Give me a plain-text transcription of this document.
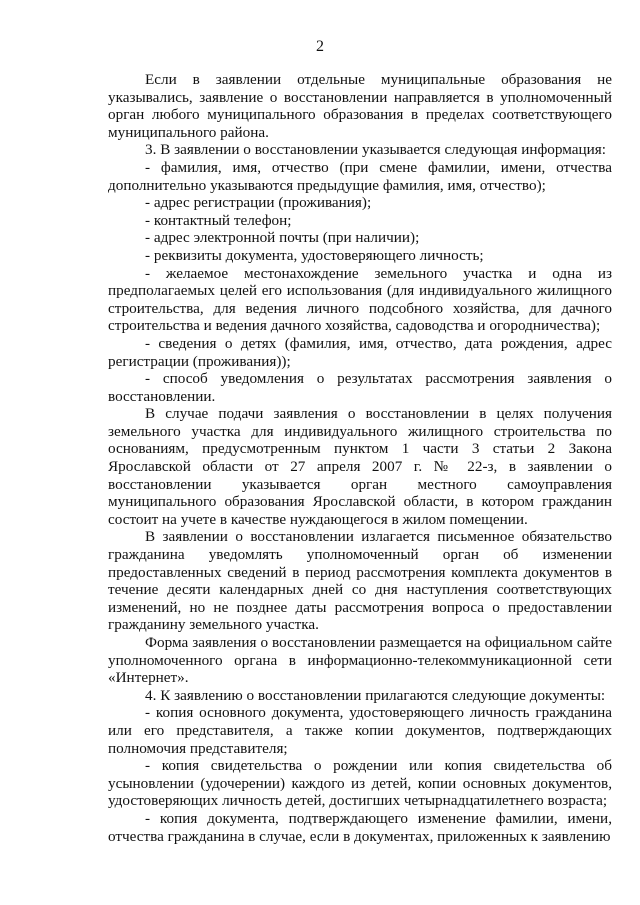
2

Если в заявлении отдельные муниципальные образования не указывались, заявление о восстановлении направляется в уполномоченный орган любого муниципального образования в пределах соответствующего муниципального района.

3. В заявлении о восстановлении указывается следующая информация:

- фамилия, имя, отчество (при смене фамилии, имени, отчества дополнительно указываются предыдущие фамилия, имя, отчество);

- адрес регистрации (проживания);

- контактный телефон;

- адрес электронной почты (при наличии);

- реквизиты документа, удостоверяющего личность;

- желаемое местонахождение земельного участка и одна из предполагаемых целей его использования (для индивидуального жилищного строительства, для ведения личного подсобного хозяйства, для дачного строительства и ведения дачного хозяйства, садоводства и огородничества);

- сведения о детях (фамилия, имя, отчество, дата рождения, адрес регистрации (проживания));

- способ уведомления о результатах рассмотрения заявления о восстановлении.

В случае подачи заявления о восстановлении в целях получения земельного участка для индивидуального жилищного строительства по основаниям, предусмотренным пунктом 1 части 3 статьи 2 Закона Ярославской области от 27 апреля 2007 г. № 22-з, в заявлении о восстановлении указывается орган местного самоуправления муниципального образования Ярославской области, в котором гражданин состоит на учете в качестве нуждающегося в жилом помещении.

В заявлении о восстановлении излагается письменное обязательство гражданина уведомлять уполномоченный орган об изменении предоставленных сведений в период рассмотрения комплекта документов в течение десяти календарных дней со дня наступления соответствующих изменений, но не позднее даты рассмотрения вопроса о предоставлении гражданину земельного участка.

Форма заявления о восстановлении размещается на официальном сайте уполномоченного органа в информационно-телекоммуникационной сети «Интернет».

4. К заявлению о восстановлении прилагаются следующие документы:

- копия основного документа, удостоверяющего личность гражданина или его представителя, а также копии документов, подтверждающих полномочия представителя;

- копия свидетельства о рождении или копия свидетельства об усыновлении (удочерении) каждого из детей, копии основных документов, удостоверяющих личность детей, достигших четырнадцатилетнего возраста;

- копия документа, подтверждающего изменение фамилии, имени, отчества гражданина в случае, если в документах, приложенных к заявлению
